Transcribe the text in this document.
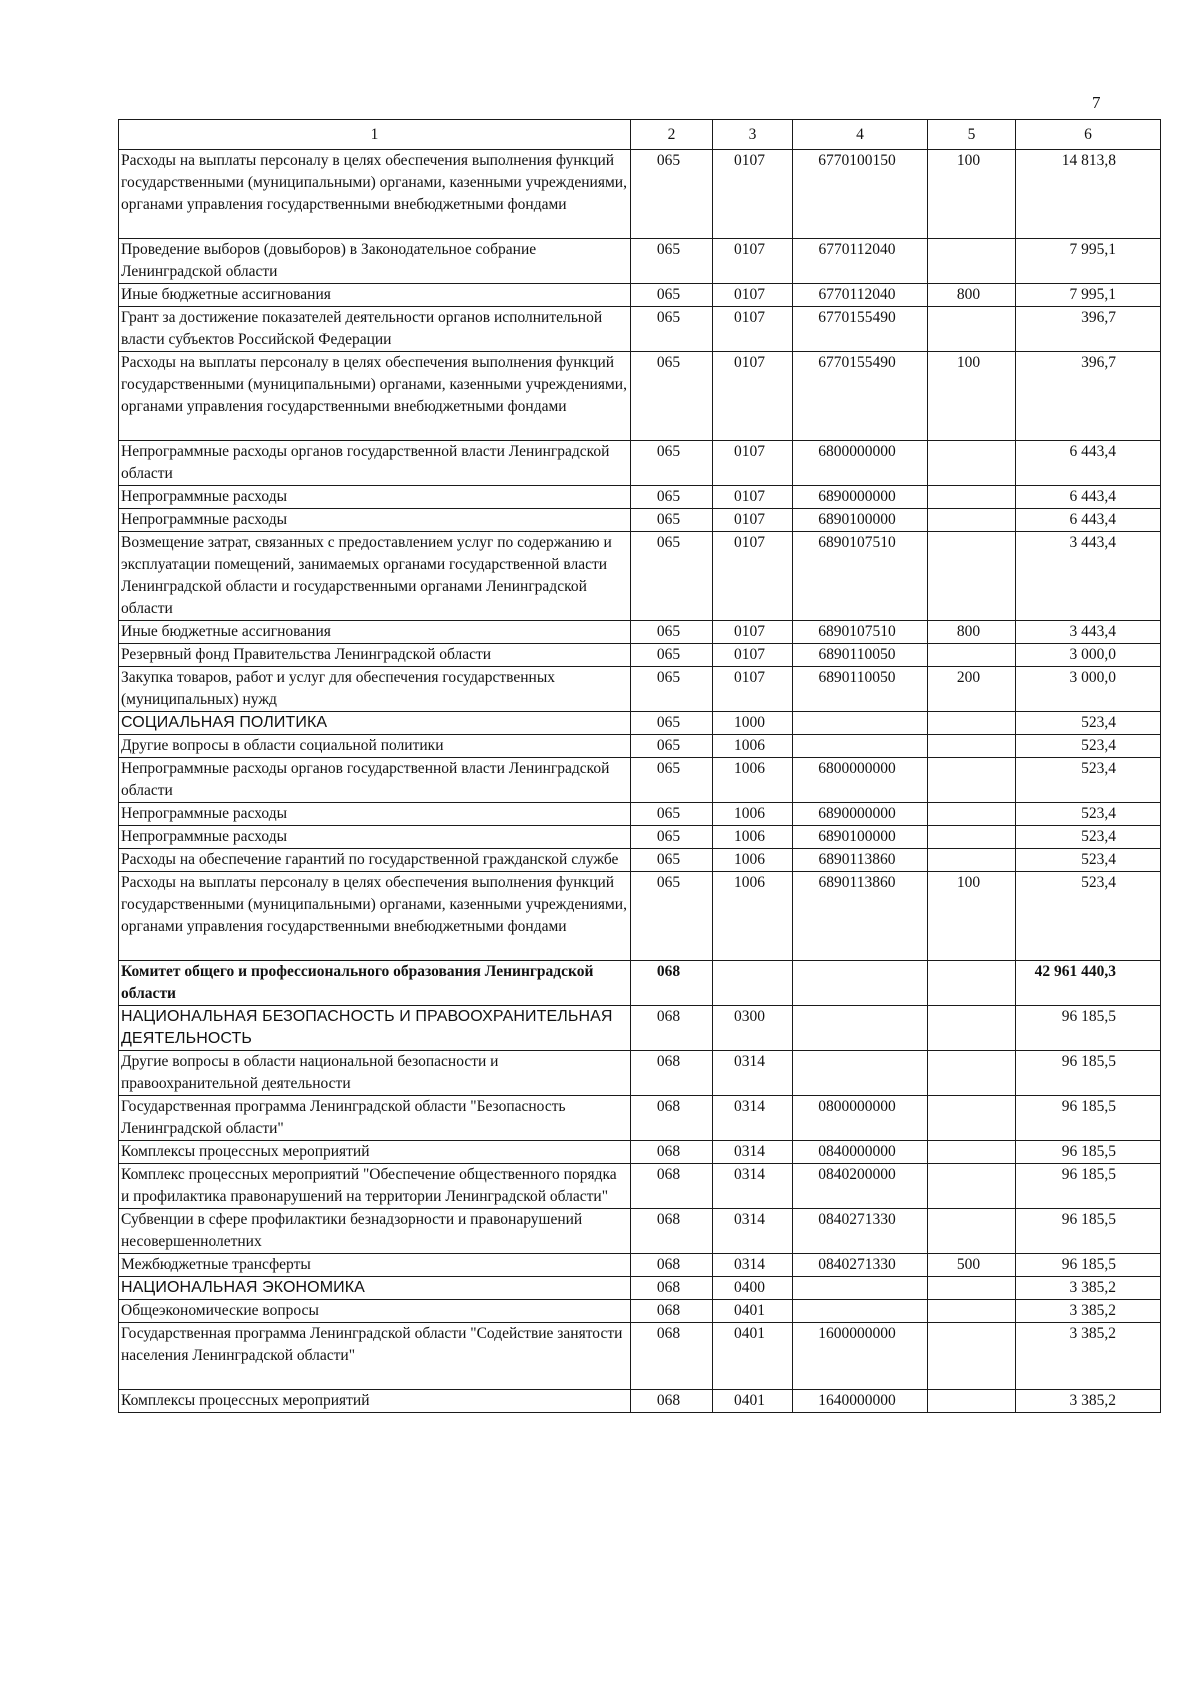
7
1	2	3	4	5	6
Расходы на выплаты персоналу в целях обеспечения выполнения функций государственными (муниципальными) органами, казенными учреждениями, органами управления государственными внебюджетными фондами	065	0107	6770100150	100	14 813,8
Проведение выборов (довыборов) в Законодательное собрание Ленинградской области	065	0107	6770112040		7 995,1
Иные бюджетные ассигнования	065	0107	6770112040	800	7 995,1
Грант за достижение показателей деятельности органов исполнительной власти субъектов Российской Федерации	065	0107	6770155490		396,7
Расходы на выплаты персоналу в целях обеспечения выполнения функций государственными (муниципальными) органами, казенными учреждениями, органами управления государственными внебюджетными фондами	065	0107	6770155490	100	396,7
Непрограммные расходы органов государственной власти Ленинградской области	065	0107	6800000000		6 443,4
Непрограммные расходы	065	0107	6890000000		6 443,4
Непрограммные расходы	065	0107	6890100000		6 443,4
Возмещение затрат, связанных с предоставлением услуг по содержанию и эксплуатации помещений, занимаемых органами государственной власти Ленинградской области и государственными органами Ленинградской области	065	0107	6890107510		3 443,4
Иные бюджетные ассигнования	065	0107	6890107510	800	3 443,4
Резервный фонд Правительства Ленинградской области	065	0107	6890110050		3 000,0
Закупка товаров, работ и услуг для обеспечения государственных (муниципальных) нужд	065	0107	6890110050	200	3 000,0
СОЦИАЛЬНАЯ ПОЛИТИКА	065	1000			523,4
Другие вопросы в области социальной политики	065	1006			523,4
Непрограммные расходы органов государственной власти Ленинградской области	065	1006	6800000000		523,4
Непрограммные расходы	065	1006	6890000000		523,4
Непрограммные расходы	065	1006	6890100000		523,4
Расходы на обеспечение гарантий по государственной гражданской службе	065	1006	6890113860		523,4
Расходы на выплаты персоналу в целях обеспечения выполнения функций государственными (муниципальными) органами, казенными учреждениями, органами управления государственными внебюджетными фондами	065	1006	6890113860	100	523,4
Комитет общего и профессионального образования Ленинградской области	068				42 961 440,3
НАЦИОНАЛЬНАЯ БЕЗОПАСНОСТЬ И ПРАВООХРАНИТЕЛЬНАЯ ДЕЯТЕЛЬНОСТЬ	068	0300			96 185,5
Другие вопросы в области национальной безопасности и правоохранительной деятельности	068	0314			96 185,5
Государственная программа Ленинградской области "Безопасность Ленинградской области"	068	0314	0800000000		96 185,5
Комплексы процессных мероприятий	068	0314	0840000000		96 185,5
Комплекс процессных мероприятий "Обеспечение общественного порядка и профилактика правонарушений на территории Ленинградской области"	068	0314	0840200000		96 185,5
Субвенции в сфере профилактики безнадзорности и правонарушений несовершеннолетних	068	0314	0840271330		96 185,5
Межбюджетные трансферты	068	0314	0840271330	500	96 185,5
НАЦИОНАЛЬНАЯ ЭКОНОМИКА	068	0400			3 385,2
Общеэкономические вопросы	068	0401			3 385,2
Государственная программа Ленинградской области "Содействие занятости населения Ленинградской области"	068	0401	1600000000		3 385,2
Комплексы процессных мероприятий	068	0401	1640000000		3 385,2
